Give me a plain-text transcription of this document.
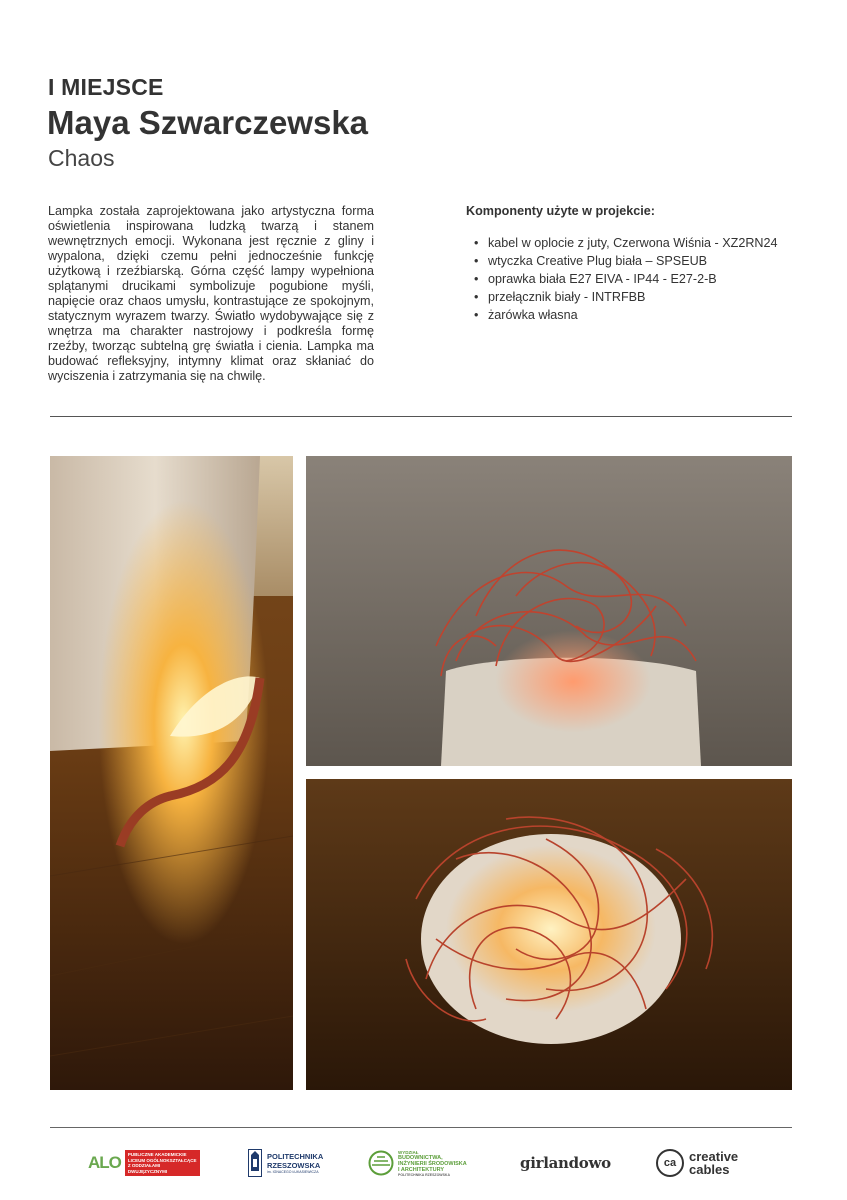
I MIEJSCE
Maya Szwarczewska
Chaos

Lampka została zaprojektowana jako artystyczna forma oświetlenia inspirowana ludzką twarzą i stanem wewnętrznych emocji. Wykonana jest ręcznie z gliny i wypalona, dzięki czemu pełni jednocześnie funkcję użytkową i rzeźbiarską. Górna część lampy wypełniona splątanymi drucikami symbolizuje pogubione myśli, napięcie oraz chaos umysłu, kontrastujące ze spokojnym, statycznym wyrazem twarzy. Światło wydobywające się z wnętrza ma charakter nastrojowy i podkreśla formę rzeźby, tworząc subtelną grę światła i cienia. Lampka ma budować refleksyjny, intymny klimat oraz skłaniać do wyciszenia i zatrzymania się na chwilę.

Komponenty użyte w projekcie:
• kabel w oplocie z juty, Czerwona Wiśnia - XZ2RN24
• wtyczka Creative Plug biała – SPSEUB
• oprawka biała E27 EIVA - IP44 - E27-2-B
• przełącznik biały - INTRFBB
• żarówka własna
ALO	PUBLICZNE AKADEMICKIE LICEUM OGÓLNOKSZTAŁCĄCE Z ODDZIAŁAMI DWUJĘZYCZNYMI
POLITECHNIKA
RZESZOWSKA
im. IGNACEGO ŁUKASIEWICZA
WYDZIAŁ
BUDOWNICTWA,
INŻYNIERII ŚRODOWISKA
I ARCHITEKTURY
POLITECHNIKA RZESZOWSKA
girlandowo	ca creative
cables
